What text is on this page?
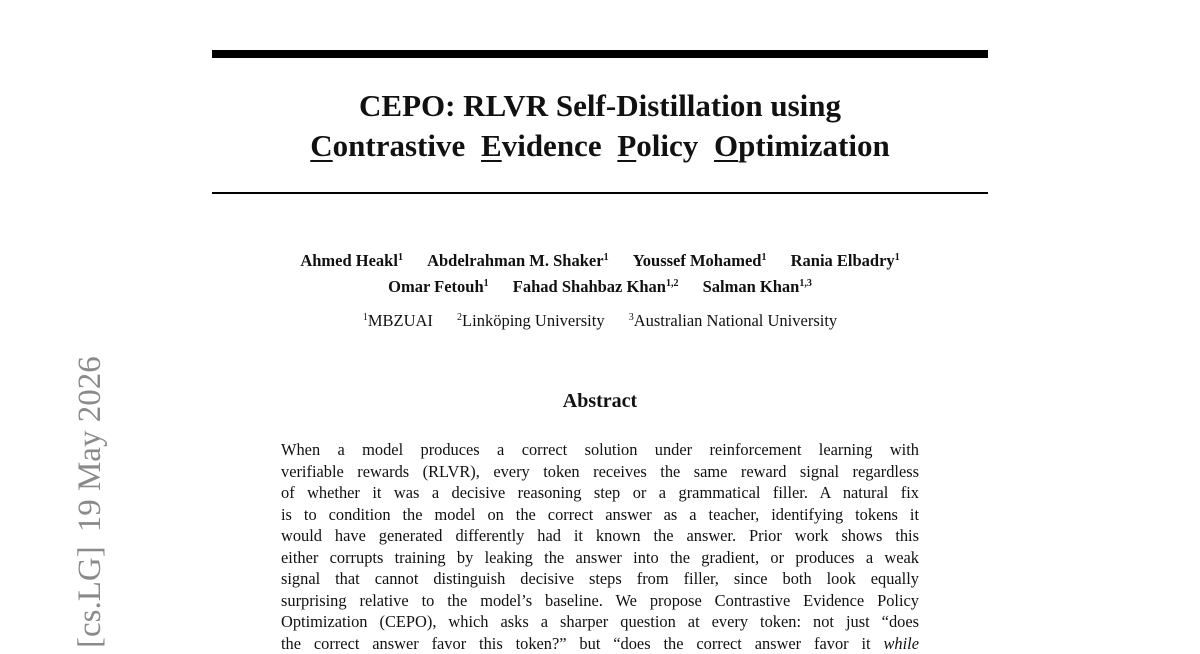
CEPO: RLVR Self-Distillation using
Contrastive Evidence Policy Optimization
Ahmed Heakl$^1$ Abdelrahman M. Shaker$^1$ Youssef Mohamed$^1$ Rania Elbadry$^1$
Omar Fetouh$^1$ Fahad Shahbaz Khan$^{1,2}$ Salman Khan$^{1,3}$
$^1$MBZUAI $^2$Linköping University $^3$Australian National University
Abstract
When a model produces a correct solution under reinforcement learning with
verifiable rewards (RLVR), every token receives the same reward signal regardless
of whether it was a decisive reasoning step or a grammatical filler. A natural fix
is to condition the model on the correct answer as a teacher, identifying tokens it
would have generated differently had it known the answer. Prior work shows this
either corrupts training by leaking the answer into the gradient, or produces a weak
signal that cannot distinguish decisive steps from filler, since both look equally
surprising relative to the model’s baseline. We propose Contrastive Evidence Policy
Optimization (CEPO), which asks a sharper question at every token: not just “does
the correct answer favor this token?” but “does the correct answer favor it while
[cs.LG]19 May 2026
